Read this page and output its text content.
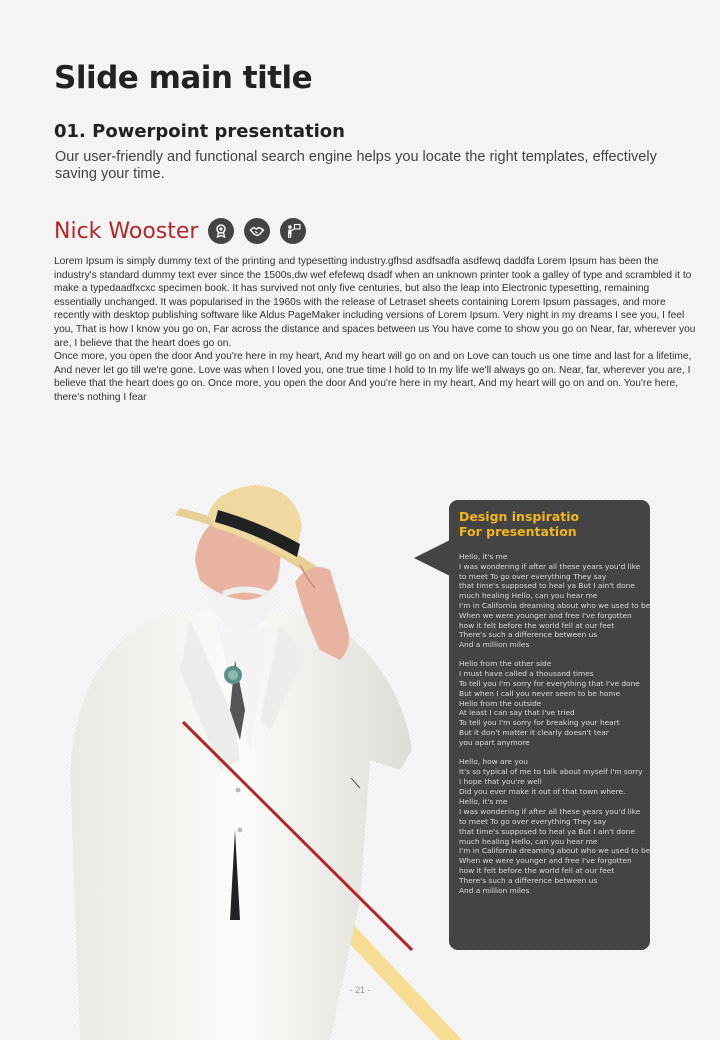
Slide main title
01. Powerpoint presentation

Our user-friendly and functional search engine helps you locate the right templates, effectively saving your time.

Nick Wooster

Lorem Ipsum is simply dummy text of the printing and typesetting industry.gfhsd asdfsadfa asdfewq daddfa Lorem Ipsum has been the industry's standard dummy text ever since the 1500s,dw wef efefewq dsadf when an unknown printer took a galley of type and scrambled it to make a typedaadfxcxc specimen book. It has survived not only five centuries, but also the leap into Electronic typesetting, remaining essentially unchanged. It was popularised in the 1960s with the release of Letraset sheets containing Lorem Ipsum passages, and more recently with desktop publishing software like Aldus PageMaker including versions of Lorem Ipsum. Very night in my dreams I see you, I feel you, That is how I know you go on, Far across the distance and spaces between us You have come to show you go on Near, far, wherever you are, I believe that the heart does go on.

Once more, you open the door And you're here in my heart, And my heart will go on and on Love can touch us one time and last for a lifetime, And never let go till we're gone. Love was when I loved you, one true time I hold to In my life we'll always go on. Near, far, wherever you are, I believe that the heart does go on. Once more, you open the door And you're here in my heart, And my heart will go on and on. You're here, there's nothing I fear

Design inspiratio
For presentation
Hello, it's me
I was wondering if after all these years you'd like
to meet To go over everything They say
that time's supposed to heal ya But I ain't done
much healing Hello, can you hear me
I'm in California dreaming about who we used to be
When we were younger and free I've forgotten
how it felt before the world fell at our feet
There's such a difference between us
And a million miles
Hello from the other side
I must have called a thousand times
To tell you I'm sorry for everything that I've done
But when I call you never seem to be home
Hello from the outside
At least I can say that I've tried
To tell you I'm sorry for breaking your heart
But it don't matter it clearly doesn't tear
you apart anymore
Hello, how are you
It's so typical of me to talk about myself I'm sorry
I hope that you're well
Did you ever make it out of that town where.
Hello, it's me
I was wondering if after all these years you'd like
to meet To go over everything They say
that time's supposed to heal ya But I ain't done
much healing Hello, can you hear me
I'm in California dreaming about who we used to be
When we were younger and free I've forgotten
how it felt before the world fell at our feet
There's such a difference between us
And a million miles
- 21 -
